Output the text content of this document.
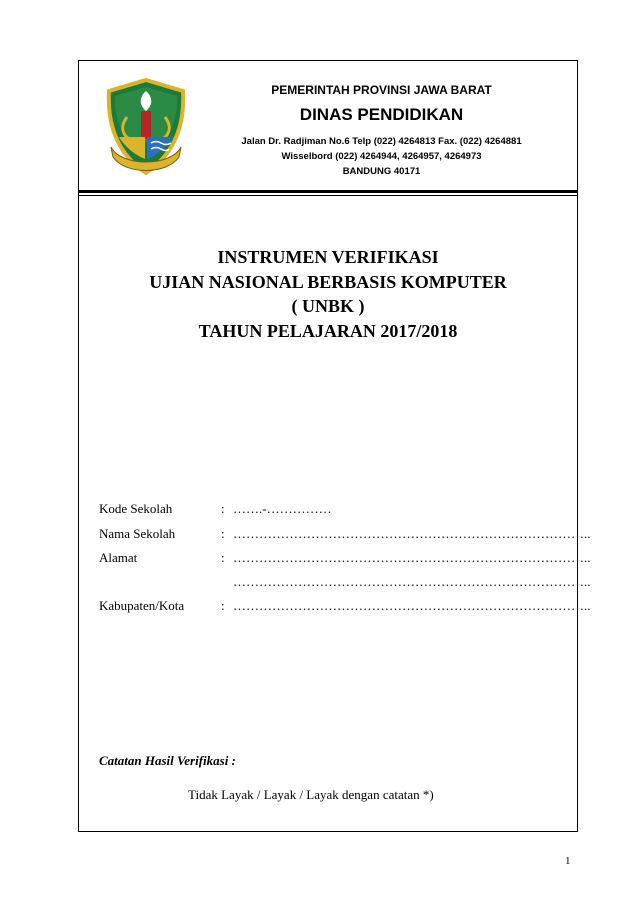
PEMERINTAH PROVINSI JAWA BARAT
DINAS PENDIDIKAN
Jalan Dr. Radjiman No.6 Telp (022) 4264813 Fax. (022) 4264881
Wisselbord (022) 4264944, 4264957, 4264973
BANDUNG 40171
INSTRUMEN VERIFIKASI
UJIAN NASIONAL BERBASIS KOMPUTER
( UNBK )
TAHUN PELAJARAN 2017/2018
Kode Sekolah	: …….-……………
Nama Sekolah	: ………………………………………………………………………..
Alamat	: ………………………………………………………………………..
………………………………………………………………………..
Kabupaten/Kota	: ………………………………………………………………………..
Catatan Hasil Verifikasi :
Tidak Layak / Layak / Layak dengan catatan *)
1
